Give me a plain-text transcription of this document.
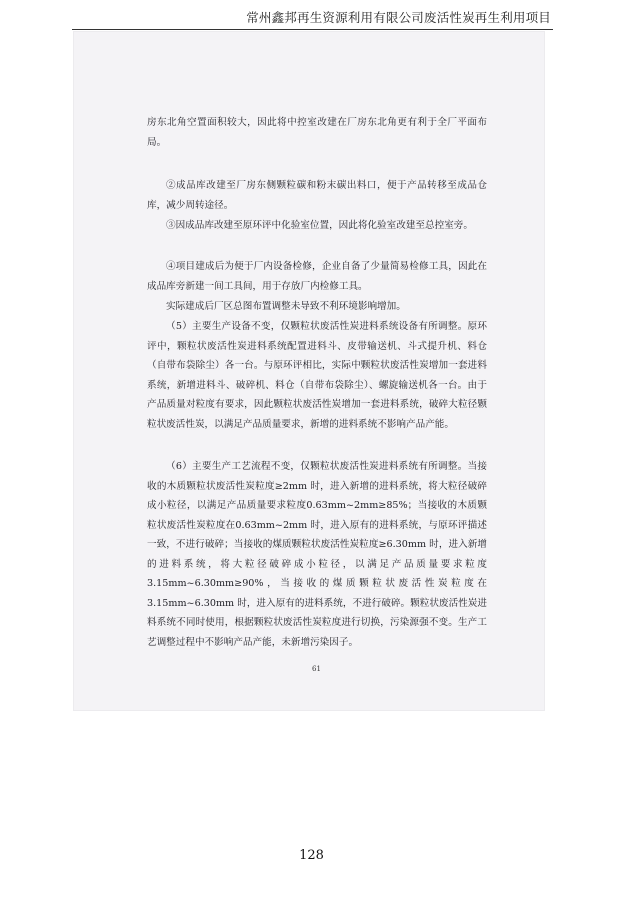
常州鑫邦再生资源利用有限公司废活性炭再生利用项目

房东北角空置面积较大，因此将中控室改建在厂房东北角更有利于全厂平面布局。

②成品库改建至厂房东侧颗粒碳和粉末碳出料口，便于产品转移至成品仓库，减少周转途径。

③因成品库改建至原环评中化验室位置，因此将化验室改建至总控室旁。

④项目建成后为便于厂内设备检修，企业自备了少量简易检修工具，因此在成品库旁新建一间工具间，用于存放厂内检修工具。

实际建成后厂区总图布置调整未导致不利环境影响增加。

（5）主要生产设备不变，仅颗粒状废活性炭进料系统设备有所调整。原环评中，颗粒状废活性炭进料系统配置进料斗、皮带输送机、斗式提升机、料仓（自带布袋除尘）各一台。与原环评相比，实际中颗粒状废活性炭增加一套进料系统，新增进料斗、破碎机、料仓（自带布袋除尘）、螺旋输送机各一台。由于产品质量对粒度有要求，因此颗粒状废活性炭增加一套进料系统，破碎大粒径颗粒状废活性炭，以满足产品质量要求，新增的进料系统不影响产品产能。

（6）主要生产工艺流程不变，仅颗粒状废活性炭进料系统有所调整。当接收的木质颗粒状废活性炭粒度≥2mm 时，进入新增的进料系统，将大粒径破碎成小粒径，以满足产品质量要求粒度0.63mm~2mm≥85%；当接收的木质颗粒状废活性炭粒度在0.63mm~2mm 时，进入原有的进料系统，与原环评描述一致，不进行破碎；当接收的煤质颗粒状废活性炭粒度≥6.30mm 时，进入新增的进料系统，将大粒径破碎成小粒径，以满足产品质量要求粒度3.15mm~6.30mm≥90%，当接收的煤质颗粒状废活性炭粒度在3.15mm~6.30mm 时，进入原有的进料系统，不进行破碎。颗粒状废活性炭进料系统不同时使用，根据颗粒状废活性炭粒度进行切换，污染源强不变。生产工艺调整过程中不影响产品产能，未新增污染因子。

61
128
